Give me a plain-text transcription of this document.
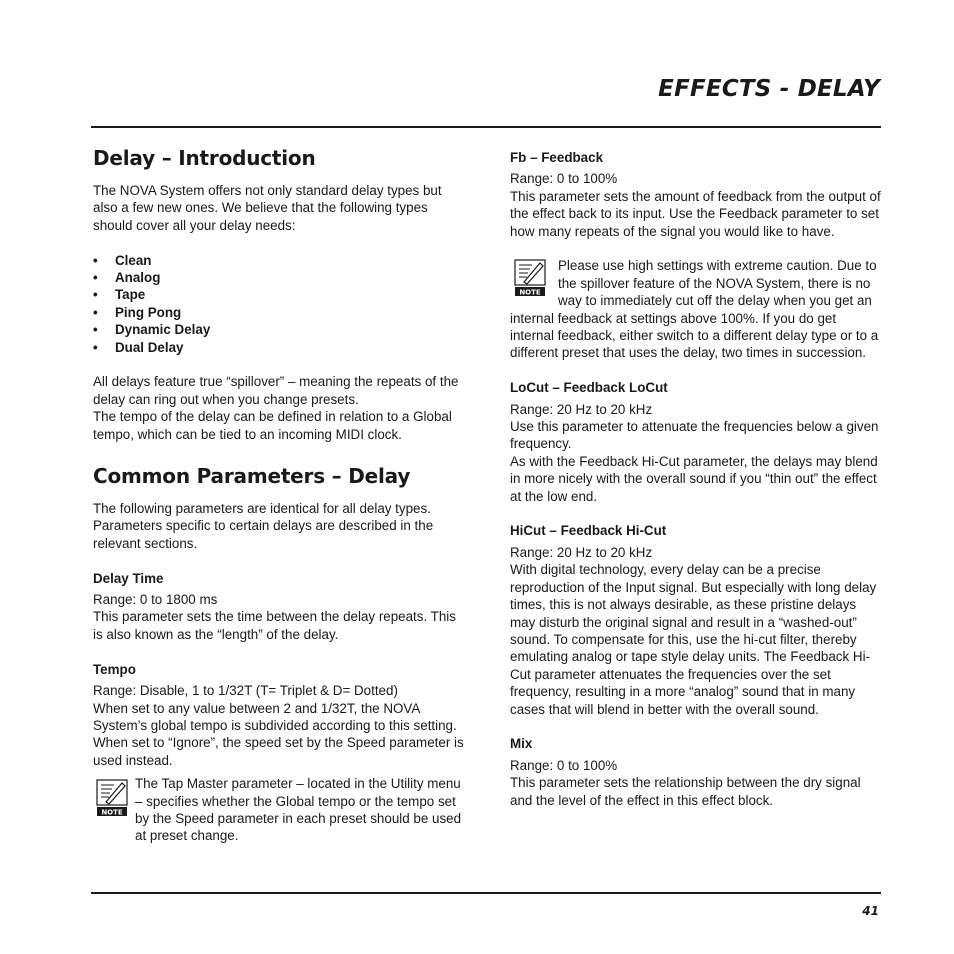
EFFECTS - DELAY
Delay – Introduction

The NOVA System offers not only standard delay types but also a few new ones. We believe that the following types should cover all your delay needs:

• Clean
• Analog
• Tape
• Ping Pong
• Dynamic Delay
• Dual Delay

All delays feature true “spillover” – meaning the repeats of the delay can ring out when you change presets.

The tempo of the delay can be defined in relation to a Global tempo, which can be tied to an incoming MIDI clock.

Common Parameters – Delay

The following parameters are identical for all delay types. Parameters specific to certain delays are described in the relevant sections.

Delay Time

Range: 0 to 1800 ms

This parameter sets the time between the delay repeats. This is also known as the “length” of the delay.

Tempo

Range: Disable, 1 to 1/32T (T= Triplet & D= Dotted)

When set to any value between 2 and 1/32T, the NOVA System’s global tempo is subdivided according to this setting. When set to “Ignore”, the speed set by the Speed parameter is used instead.

NOTE

The Tap Master parameter – located in the Utility menu – specifies whether the Global tempo or the tempo set by the Speed parameter in each preset should be used at preset change.

Fb – Feedback

Range: 0 to 100%

This parameter sets the amount of feedback from the output of the effect back to its input. Use the Feedback parameter to set how many repeats of the signal you would like to have.

NOTE

Please use high settings with extreme caution. Due to the spillover feature of the NOVA System, there is no way to immediately cut off the delay when you get an internal feedback at settings above 100%. If you do get internal feedback, either switch to a different delay type or to a different preset that uses the delay, two times in succession.

LoCut – Feedback LoCut

Range: 20 Hz to 20 kHz

Use this parameter to attenuate the frequencies below a given frequency.

As with the Feedback Hi-Cut parameter, the delays may blend in more nicely with the overall sound if you “thin out” the effect at the low end.

HiCut – Feedback Hi-Cut

Range: 20 Hz to 20 kHz

With digital technology, every delay can be a precise reproduction of the Input signal. But especially with long delay times, this is not always desirable, as these pristine delays may disturb the original signal and result in a “washed-out” sound. To compensate for this, use the hi-cut filter, thereby emulating analog or tape style delay units. The Feedback Hi-Cut parameter attenuates the frequencies over the set frequency, resulting in a more “analog” sound that in many cases that will blend in better with the overall sound.

Mix

Range: 0 to 100%

This parameter sets the relationship between the dry signal and the level of the effect in this effect block.

41
